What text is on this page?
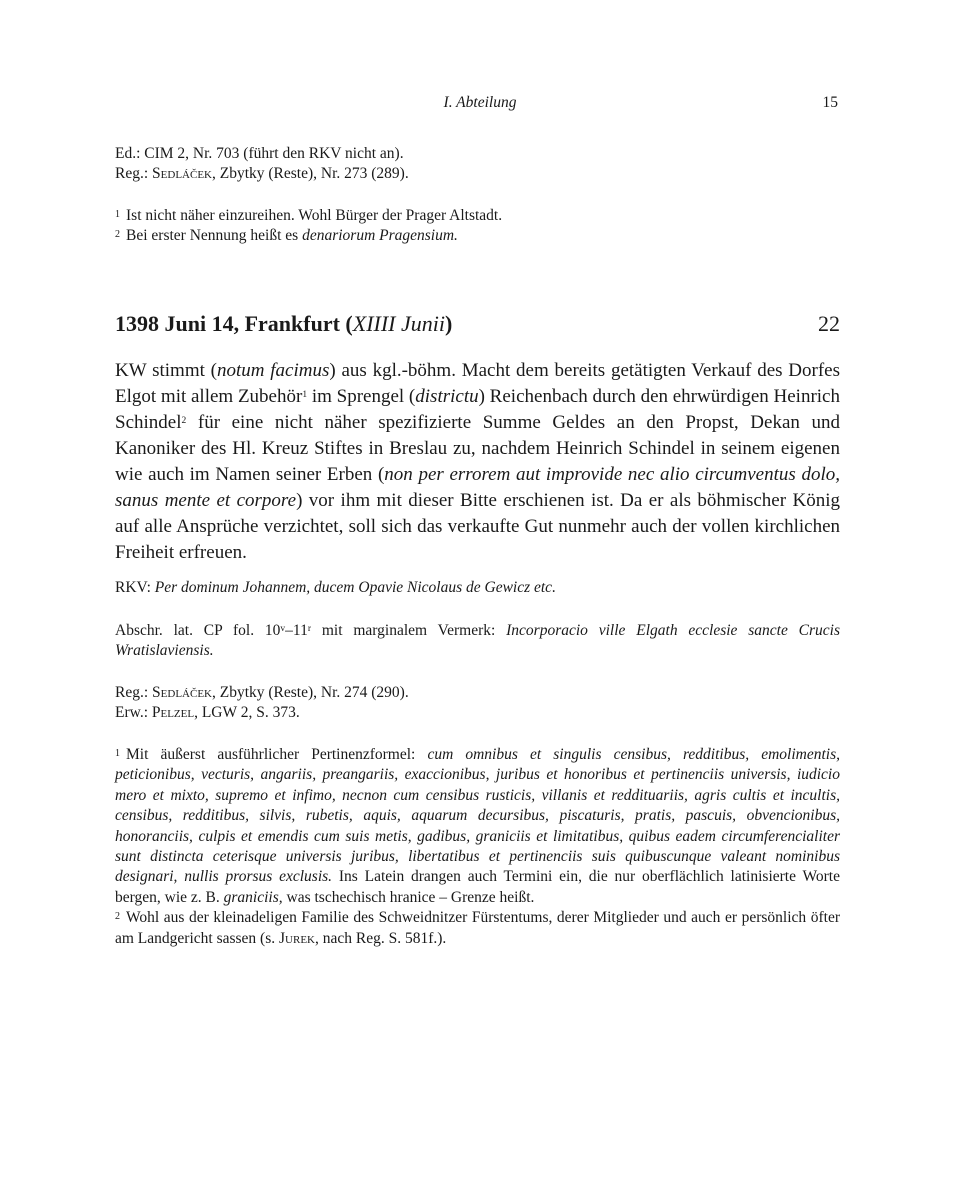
I. Abteilung	15

Ed.: CIM 2, Nr. 703 (führt den RKV nicht an).

Reg.: Sedláček, Zbytky (Reste), Nr. 273 (289).

$^1$ Ist nicht näher einzureihen. Wohl Bürger der Prager Altstadt.

$^2$ Bei erster Nennung heißt es denariorum Pragensium.

1398 Juni 14, Frankfurt (XIIII Junii)	22

KW stimmt (notum facimus) aus kgl.-böhm. Macht dem bereits getätigten Verkauf des Dorfes Elgot mit allem Zubehör$^1$ im Sprengel (districtu) Reichenbach durch den ehrwürdigen Heinrich Schindel$^2$ für eine nicht näher spezifizierte Summe Geldes an den Propst, Dekan und Kanoniker des Hl. Kreuz Stiftes in Breslau zu, nachdem Heinrich Schindel in seinem eigenen wie auch im Namen seiner Erben (non per errorem aut improvide nec alio circumventus dolo, sanus mente et corpore) vor ihm mit dieser Bitte erschienen ist. Da er als böhmischer König auf alle Ansprüche verzichtet, soll sich das verkaufte Gut nunmehr auch der vollen kirchlichen Freiheit erfreuen.

RKV: Per dominum Johannem, ducem Opavie Nicolaus de Gewicz etc.

Abschr. lat. CP fol. 10$^v$–11$^r$ mit marginalem Vermerk: Incorporacio ville Elgath ecclesie sancte Crucis Wratislaviensis.

Reg.: Sedláček, Zbytky (Reste), Nr. 274 (290).

Erw.: Pelzel, LGW 2, S. 373.

$^1$ Mit äußerst ausführlicher Pertinenzformel: cum omnibus et singulis censibus, redditibus, emolimentis, peticionibus, vecturis, angariis, preangariis, exaccionibus, juribus et honoribus et pertinenciis universis, iudicio mero et mixto, supremo et infimo, necnon cum censibus rusticis, villanis et reddituariis, agris cultis et incultis, censibus, redditibus, silvis, rubetis, aquis, aquarum decursibus, piscaturis, pratis, pascuis, obvencionibus, honoranciis, culpis et emendis cum suis metis, gadibus, graniciis et limitatibus, quibus eadem circumferencialiter sunt distincta ceterisque universis juribus, libertatibus et pertinenciis suis quibuscunque valeant nominibus designari, nullis prorsus exclusis. Ins Latein drangen auch Termini ein, die nur oberflächlich latinisierte Worte bergen, wie z. B. graniciis, was tschechisch hranice – Grenze heißt.

$^2$ Wohl aus der kleinadeligen Familie des Schweidnitzer Fürstentums, derer Mitglieder und auch er persönlich öfter am Landgericht sassen (s. Jurek, nach Reg. S. 581f.).
